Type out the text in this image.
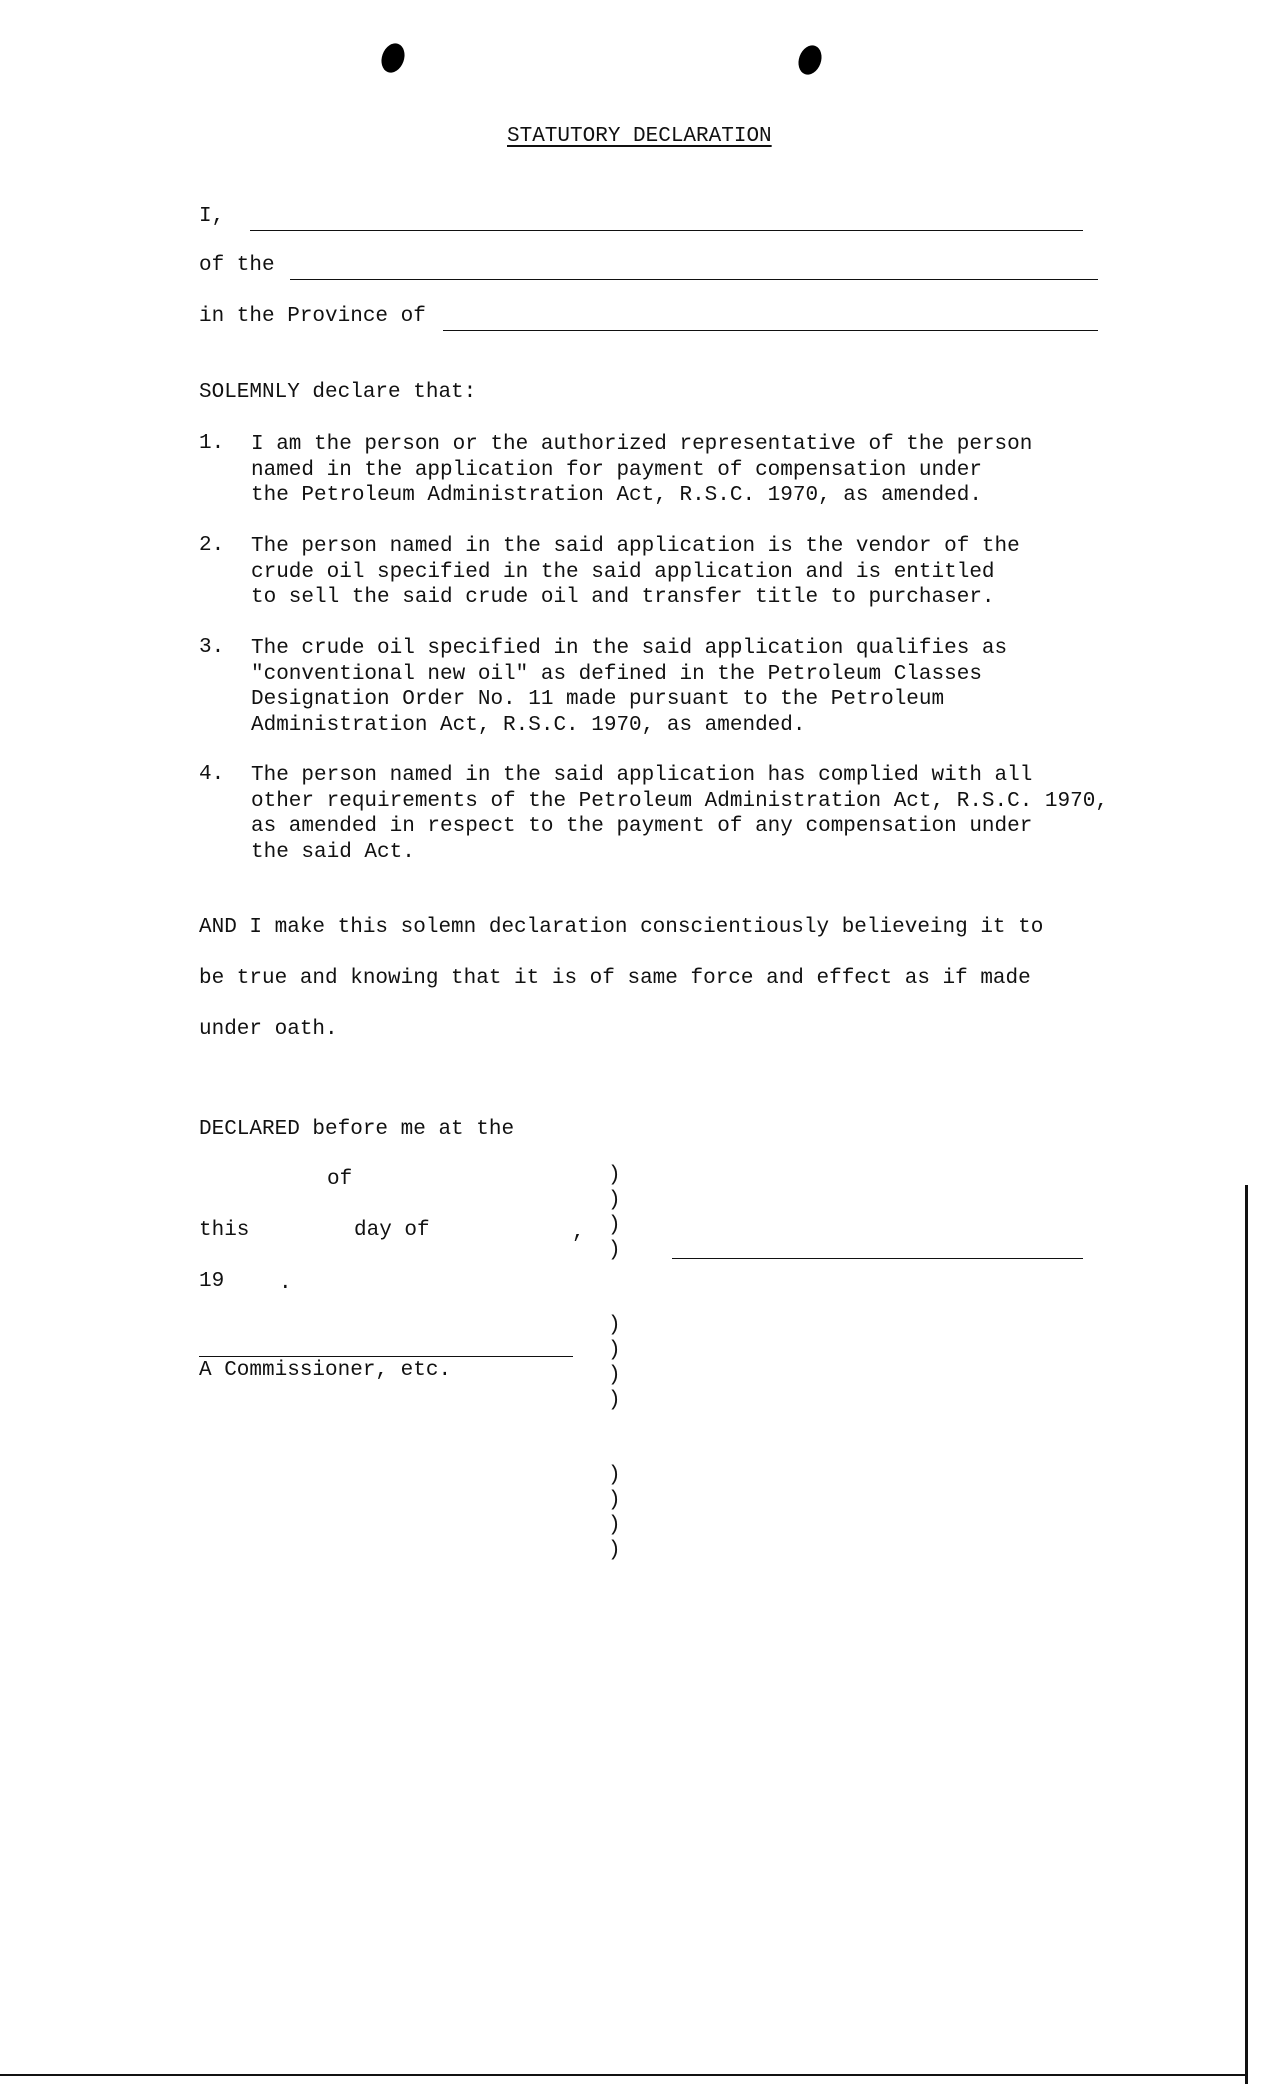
STATUTORY DECLARATION
I,
of the
in the Province of
SOLEMNLY declare that:
1. I am the person or the authorized representative of the person
named in the application for payment of compensation under
the Petroleum Administration Act, R.S.C. 1970, as amended.
2. The person named in the said application is the vendor of the
crude oil specified in the said application and is entitled
to sell the said crude oil and transfer title to purchaser.
3. The crude oil specified in the said application qualifies as
"conventional new oil" as defined in the Petroleum Classes
Designation Order No. 11 made pursuant to the Petroleum
Administration Act, R.S.C. 1970, as amended.
4. The person named in the said application has complied with all
other requirements of the Petroleum Administration Act, R.S.C. 1970,
as amended in respect to the payment of any compensation under
the said Act.
AND I make this solemn declaration conscientiously believeing it to
be true and knowing that it is of same force and effect as if made
under oath.
DECLARED before me at the
of
this	day of	,
19	.
A Commissioner, etc.

)
)
)
)

)
)
)
)

)
)
)
)
